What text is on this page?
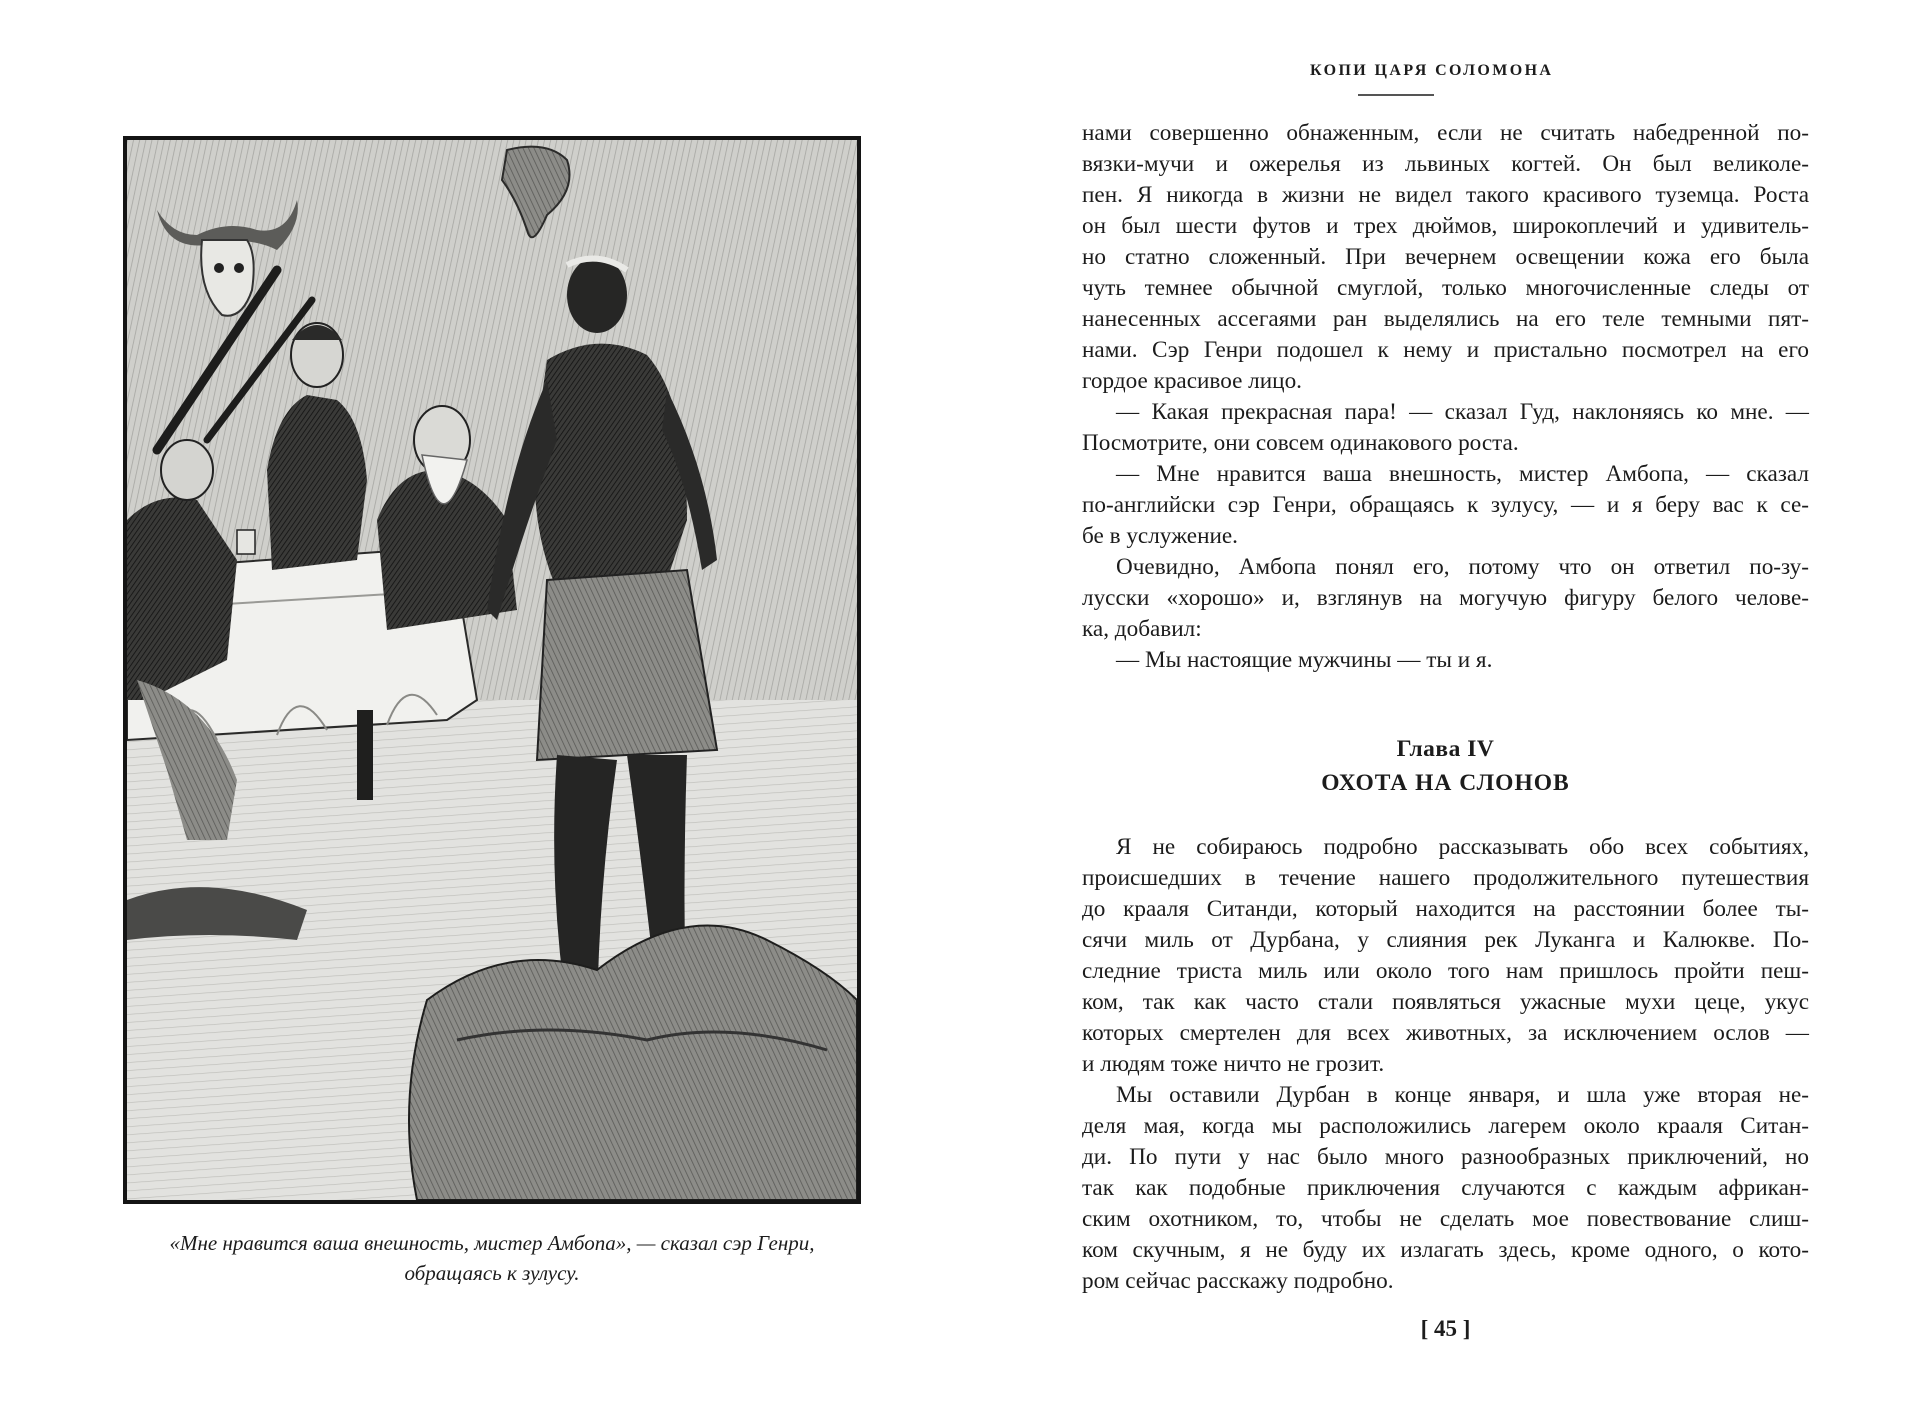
«Мне нравится ваша внешность, мистер Амбопа», — сказал сэр Генри,
обращаясь к зулусу.
КОПИ ЦАРЯ СОЛОМОНА
нами совершенно обнаженным, если не считать набедренной по-
вязки-мучи и ожерелья из львиных когтей. Он был великоле-
пен. Я никогда в жизни не видел такого красивого туземца. Роста
он был шести футов и трех дюймов, широкоплечий и удивитель-
но статно сложенный. При вечернем освещении кожа его была
чуть темнее обычной смуглой, только многочисленные следы от
нанесенных ассегаями ран выделялись на его теле темными пят-
нами. Сэр Генри подошел к нему и пристально посмотрел на его
гордое красивое лицо.
— Какая прекрасная пара! — сказал Гуд, наклоняясь ко мне. —
Посмотрите, они совсем одинакового роста.
— Мне нравится ваша внешность, мистер Амбопа, — сказал
по-английски сэр Генри, обращаясь к зулусу, — и я беру вас к се-
бе в услужение.
Очевидно, Амбопа понял его, потому что он ответил по-зу-
лусски «хорошо» и, взглянув на могучую фигуру белого челове-
ка, добавил:
— Мы настоящие мужчины — ты и я.
Глава IV
ОХОТА НА СЛОНОВ
Я не собираюсь подробно рассказывать обо всех событиях,
происшедших в течение нашего продолжительного путешествия
до крааля Ситанди, который находится на расстоянии более ты-
сячи миль от Дурбана, у слияния рек Луканга и Калюкве. По-
следние триста миль или около того нам пришлось пройти пеш-
ком, так как часто стали появляться ужасные мухи цеце, укус
которых смертелен для всех животных, за исключением ослов —
и людям тоже ничто не грозит.
Мы оставили Дурбан в конце января, и шла уже вторая не-
деля мая, когда мы расположились лагерем около крааля Ситан-
ди. По пути у нас было много разнообразных приключений, но
так как подобные приключения случаются с каждым африкан-
ским охотником, то, чтобы не сделать мое повествование слиш-
ком скучным, я не буду их излагать здесь, кроме одного, о кото-
ром сейчас расскажу подробно.
[ 45 ]
